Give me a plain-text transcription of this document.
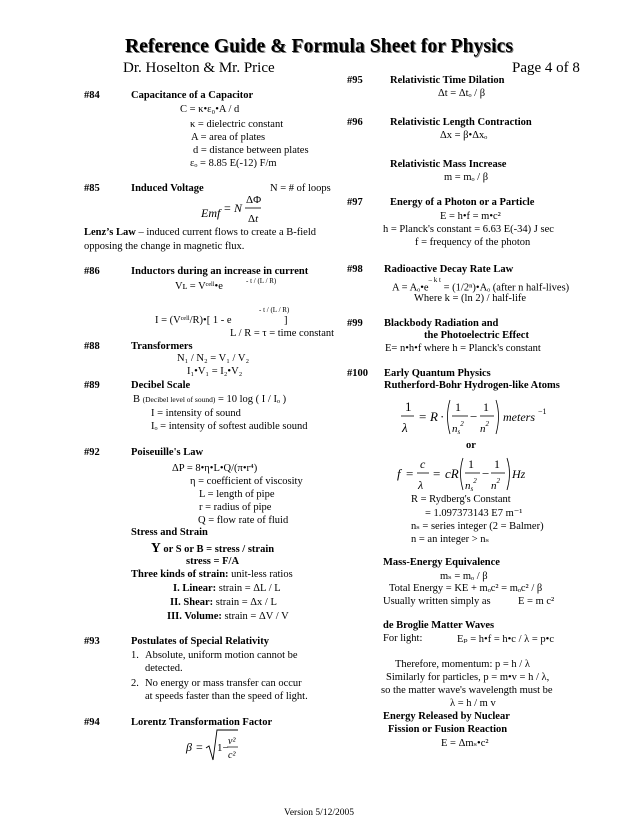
Reference Guide & Formula Sheet for Physics
Dr. Hoselton & Mr. Price	Page 4 of 8
#84	Capacitance of a Capacitor
C = κ•ε₀•A / d
κ = dielectric constant
A = area of plates
d = distance between plates
εₒ = 8.85 E(-12) F/m
#85	Induced Voltage	N = # of loops
Emf = N
ΔΦ
Δt
Lenz’s Law – induced current flows to create a B-field
opposing the change in magnetic flux.
#86	Inductors during an increase in current
Vʟ = Vᶜᵉˡˡ•e	- t / (L / R)
I = (Vᶜᵉˡˡ/R)•[ 1 - e
- t / (L / R)
]
L / R = τ = time constant
#88	Transformers
N₁ / N₂ = V₁ / V₂
I₁•V₁ = I₂•V₂
#89	Decibel Scale
B (Decibel level of sound) = 10 log ( I / Iₒ )
I = intensity of sound
Iₒ = intensity of softest audible sound
#92	Poiseuille's Law
ΔP = 8•η•L•Q/(π•r⁴)
η = coefficient of viscosity
L = length of pipe
r = radius of pipe
Q = flow rate of fluid
Stress and Strain
Y or S or B = stress / strain
stress = F/A
Three kinds of strain: unit-less ratios
I. Linear: strain = ΔL / L
II. Shear: strain = Δx / L
III. Volume: strain = ΔV / V
#93	Postulates of Special Relativity
1. Absolute, uniform motion cannot be
detected.
2. No energy or mass transfer can occur
at speeds faster than the speed of light.
#94	Lorentz Transformation Factor
β = 1−
v²
c²
#95	Relativistic Time Dilation
Δt = Δtₒ / β
#96	Relativistic Length Contraction
Δx = β•Δxₒ
Relativistic Mass Increase
m = mₒ / β
#97	Energy of a Photon or a Particle
E = h•f = m•c²
h = Planck's constant = 6.63 E(-34) J sec
f = frequency of the photon
#98 Radioactive Decay Rate Law
$A = A_o•e^{- k t}$ = (1/2ⁿ)•Aₒ (after n half-lives)
Where k = (ln 2) / half-life
#99 Blackbody Radiation and
the Photoelectric Effect
E= n•h•f where h = Planck's constant
#100 Early Quantum Physics
Rutherford-Bohr Hydrogen-like Atoms
1
λ
= R ·
1
$ns^2$ −
1
$n^2$ meters −1
or
f =
c
λ
= cR
1
$ns^2$ −
1
$n^2$ Hz
R = Rydberg's Constant
= 1.097373143 E7 m⁻¹
nₛ = series integer (2 = Balmer)
n = an integer > nₛ
Mass-Energy Equivalence
mₛ = mₒ / β
Total Energy = KE + mₒc² = mₒc² / β
Usually written simply as	E = m c²
de Broglie Matter Waves
For light:	Eₚ = h•f = h•c / λ = p•c
Therefore, momentum: p = h / λ
Similarly for particles, p = m•v = h / λ,
so the matter wave's wavelength must be
λ = h / m v
Energy Released by Nuclear
Fission or Fusion Reaction
E = Δmₛ•c²
Version 5/12/2005
